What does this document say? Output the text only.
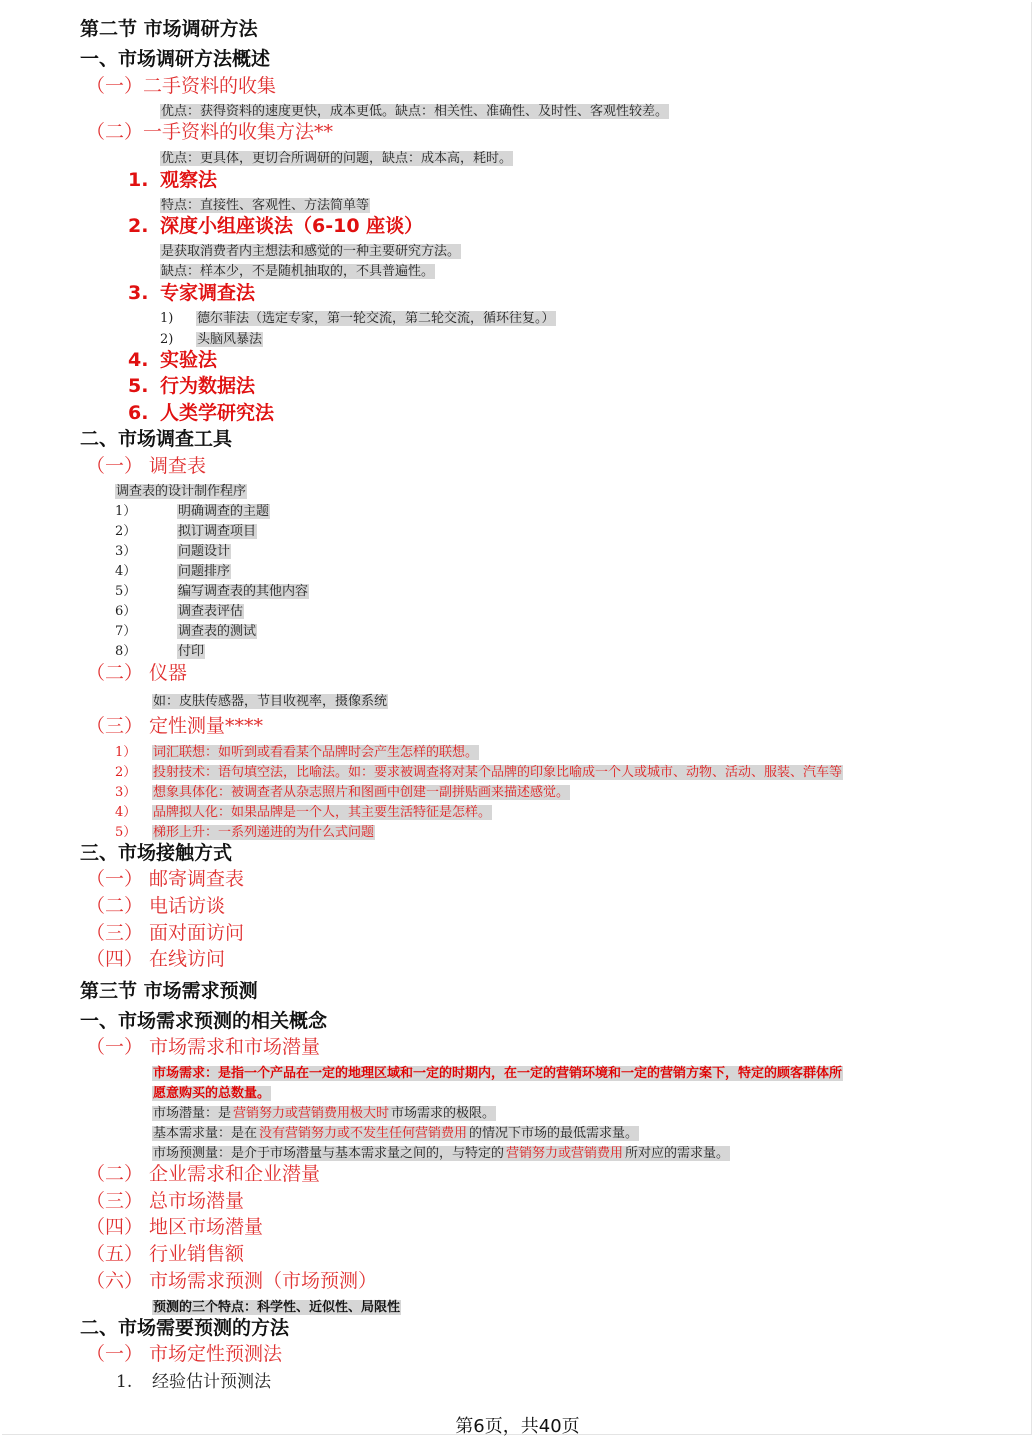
第二节 市场调研方法
一、市场调研方法概述
（一）二手资料的收集
优点：获得资料的速度更快，成本更低。缺点：相关性、准确性、及时性、客观性较差。
（二）一手资料的收集方法**
优点：更具体，更切合所调研的问题，缺点：成本高，耗时。
1. 观察法
特点：直接性、客观性、方法简单等
2. 深度小组座谈法（6-10 座谈）
是获取消费者内主想法和感觉的一种主要研究方法。
缺点：样本少，不是随机抽取的，不具普遍性。
3. 专家调查法
1) 德尔菲法（选定专家，第一轮交流，第二轮交流，循环往复。）
2) 头脑风暴法
4. 实验法
5. 行为数据法
6. 人类学研究法
二、市场调查工具
（一） 调查表
调查表的设计制作程序
1）	明确调查的主题
2）	拟订调查项目
3）	问题设计
4）	问题排序
5）	编写调查表的其他内容
6）	调查表评估
7）	调查表的测试
8）	付印
（二） 仪器
如：皮肤传感器，节目收视率，摄像系统
（三） 定性测量****
1） 词汇联想：如听到或看看某个品牌时会产生怎样的联想。
2） 投射技术：语句填空法，比喻法。如：要求被调查将对某个品牌的印象比喻成一个人或城市、动物、活动、服装、汽车等
3） 想象具体化：被调查者从杂志照片和图画中创建一副拼贴画来描述感觉。
4） 品牌拟人化：如果品牌是一个人，其主要生活特征是怎样。
5） 梯形上升：一系列递进的为什么式问题
三、市场接触方式
（一） 邮寄调查表
（二） 电话访谈
（三） 面对面访问
（四） 在线访问
第三节 市场需求预测
一、市场需求预测的相关概念
（一） 市场需求和市场潜量
市场需求：是指一个产品在一定的地理区域和一定的时期内，在一定的营销环境和一定的营销方案下，特定的顾客群体所
愿意购买的总数量。
市场潜量：是 营销努力或营销费用极大时 市场需求的极限。
基本需求量：是在 没有营销努力或不发生任何营销费用 的情况下市场的最低需求量。
市场预测量：是介于市场潜量与基本需求量之间的，与特定的 营销努力或营销费用 所对应的需求量。
（二） 企业需求和企业潜量
（三） 总市场潜量
（四） 地区市场潜量
（五） 行业销售额
（六） 市场需求预测（市场预测）
预测的三个特点：科学性、近似性、局限性
二、市场需要预测的方法
（一） 市场定性预测法
1. 经验估计预测法
第6页，共40页
